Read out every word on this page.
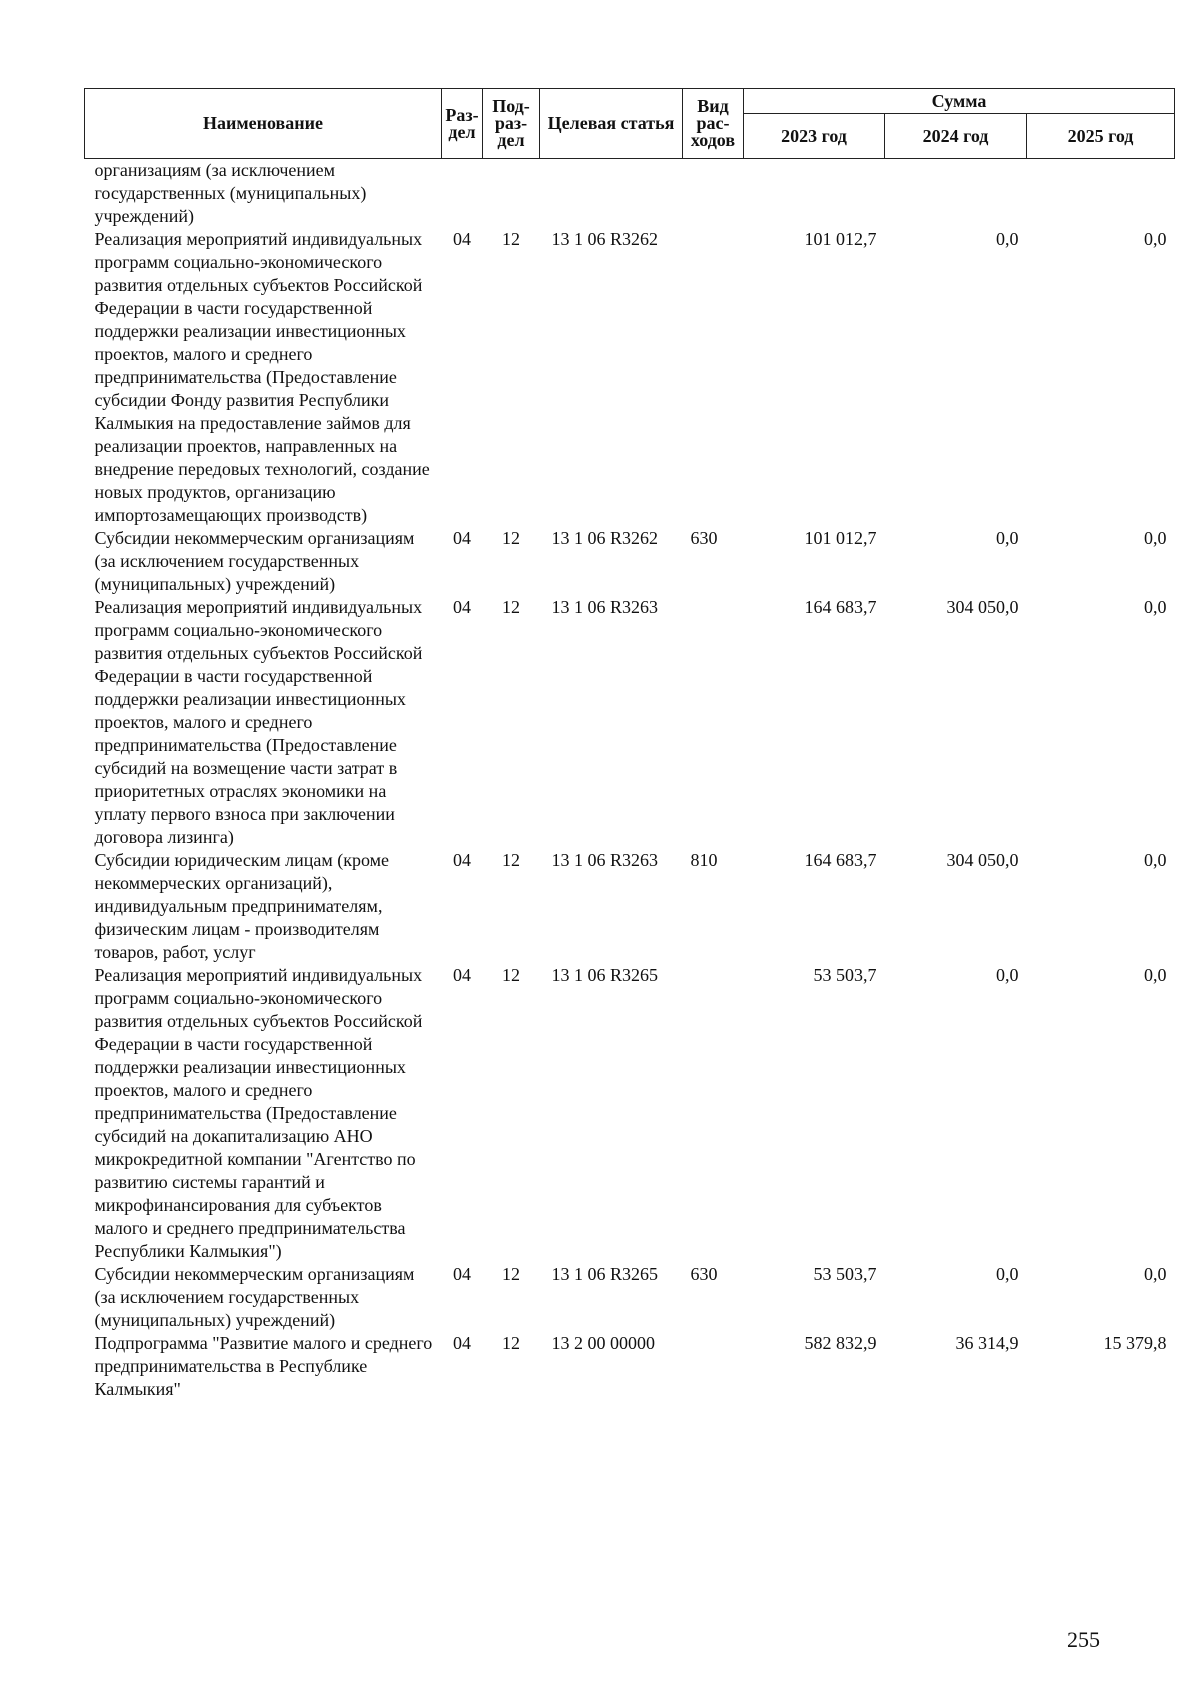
Наименование	Раз-дел	Под-раз-дел	Целевая статья	Вид рас-ходов	Сумма		
					2023 год	2024 год	2025 год
организациям (за исключением государственных (муниципальных) учреждений)							
Реализация мероприятий индивидуальных программ социально-экономического развития отдельных субъектов Российской Федерации в части государственной поддержки реализации инвестиционных проектов, малого и среднего предпринимательства (Предоставление субсидии Фонду развития Республики Калмыкия на предоставление займов для реализации проектов, направленных на внедрение передовых технологий, создание новых продуктов, организацию импортозамещающих производств)	04	12	13 1 06 R3262		101 012,7	0,0	0,0
Субсидии некоммерческим организациям (за исключением государственных (муниципальных) учреждений)	04	12	13 1 06 R3262	630	101 012,7	0,0	0,0
Реализация мероприятий индивидуальных программ социально-экономического развития отдельных субъектов Российской Федерации в части государственной поддержки реализации инвестиционных проектов, малого и среднего предпринимательства (Предоставление субсидий на возмещение части затрат в приоритетных отраслях экономики на уплату первого взноса при заключении договора лизинга)	04	12	13 1 06 R3263		164 683,7	304 050,0	0,0
Субсидии юридическим лицам (кроме некоммерческих организаций), индивидуальным предпринимателям, физическим лицам - производителям товаров, работ, услуг	04	12	13 1 06 R3263	810	164 683,7	304 050,0	0,0
Реализация мероприятий индивидуальных программ социально-экономического развития отдельных субъектов Российской Федерации в части государственной поддержки реализации инвестиционных проектов, малого и среднего предпринимательства (Предоставление субсидий на докапитализацию АНО микрокредитной компании "Агентство по развитию системы гарантий и микрофинансирования для субъектов малого и среднего предпринимательства Республики Калмыкия")	04	12	13 1 06 R3265		53 503,7	0,0	0,0
Субсидии некоммерческим организациям (за исключением государственных (муниципальных) учреждений)	04	12	13 1 06 R3265	630	53 503,7	0,0	0,0
Подпрограмма "Развитие малого и среднего предпринимательства в Республике Калмыкия"	04	12	13 2 00 00000		582 832,9	36 314,9	15 379,8
255
